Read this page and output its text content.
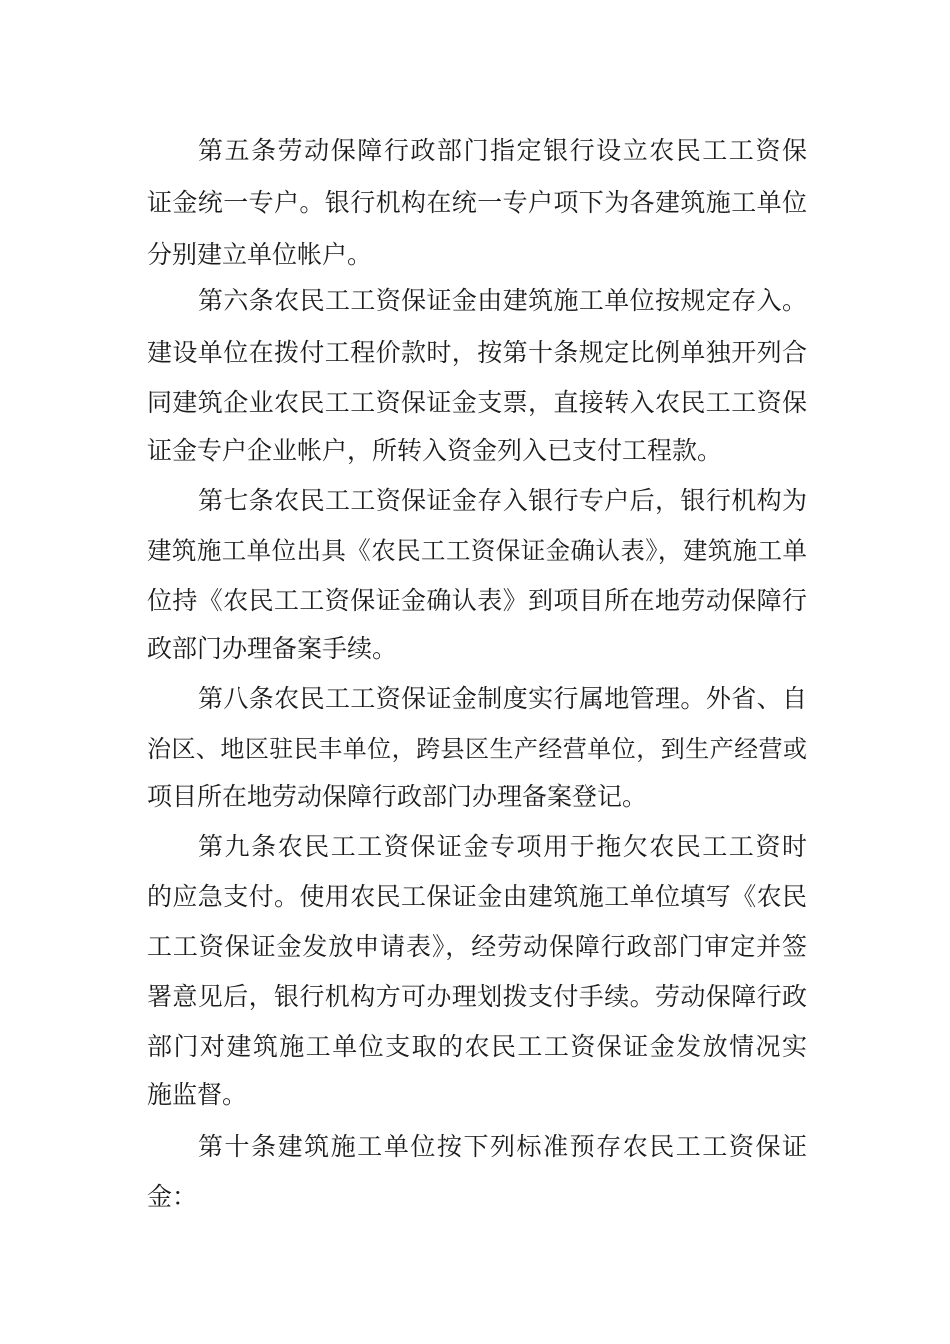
第五条劳动保障行政部门指定银行设立农民工工资保
证金统一专户。银行机构在统一专户项下为各建筑施工单位
分别建立单位帐户。
第六条农民工工资保证金由建筑施工单位按规定存入。
建设单位在拨付工程价款时，按第十条规定比例单独开列合
同建筑企业农民工工资保证金支票，直接转入农民工工资保
证金专户企业帐户，所转入资金列入已支付工程款。
第七条农民工工资保证金存入银行专户后，银行机构为
建筑施工单位出具《农民工工资保证金确认表》，建筑施工单
位持《农民工工资保证金确认表》到项目所在地劳动保障行
政部门办理备案手续。
第八条农民工工资保证金制度实行属地管理。外省、自
治区、地区驻民丰单位，跨县区生产经营单位，到生产经营或
项目所在地劳动保障行政部门办理备案登记。
第九条农民工工资保证金专项用于拖欠农民工工资时
的应急支付。使用农民工保证金由建筑施工单位填写《农民
工工资保证金发放申请表》，经劳动保障行政部门审定并签
署意见后，银行机构方可办理划拨支付手续。劳动保障行政
部门对建筑施工单位支取的农民工工资保证金发放情况实
施监督。
第十条建筑施工单位按下列标准预存农民工工资保证
金：
